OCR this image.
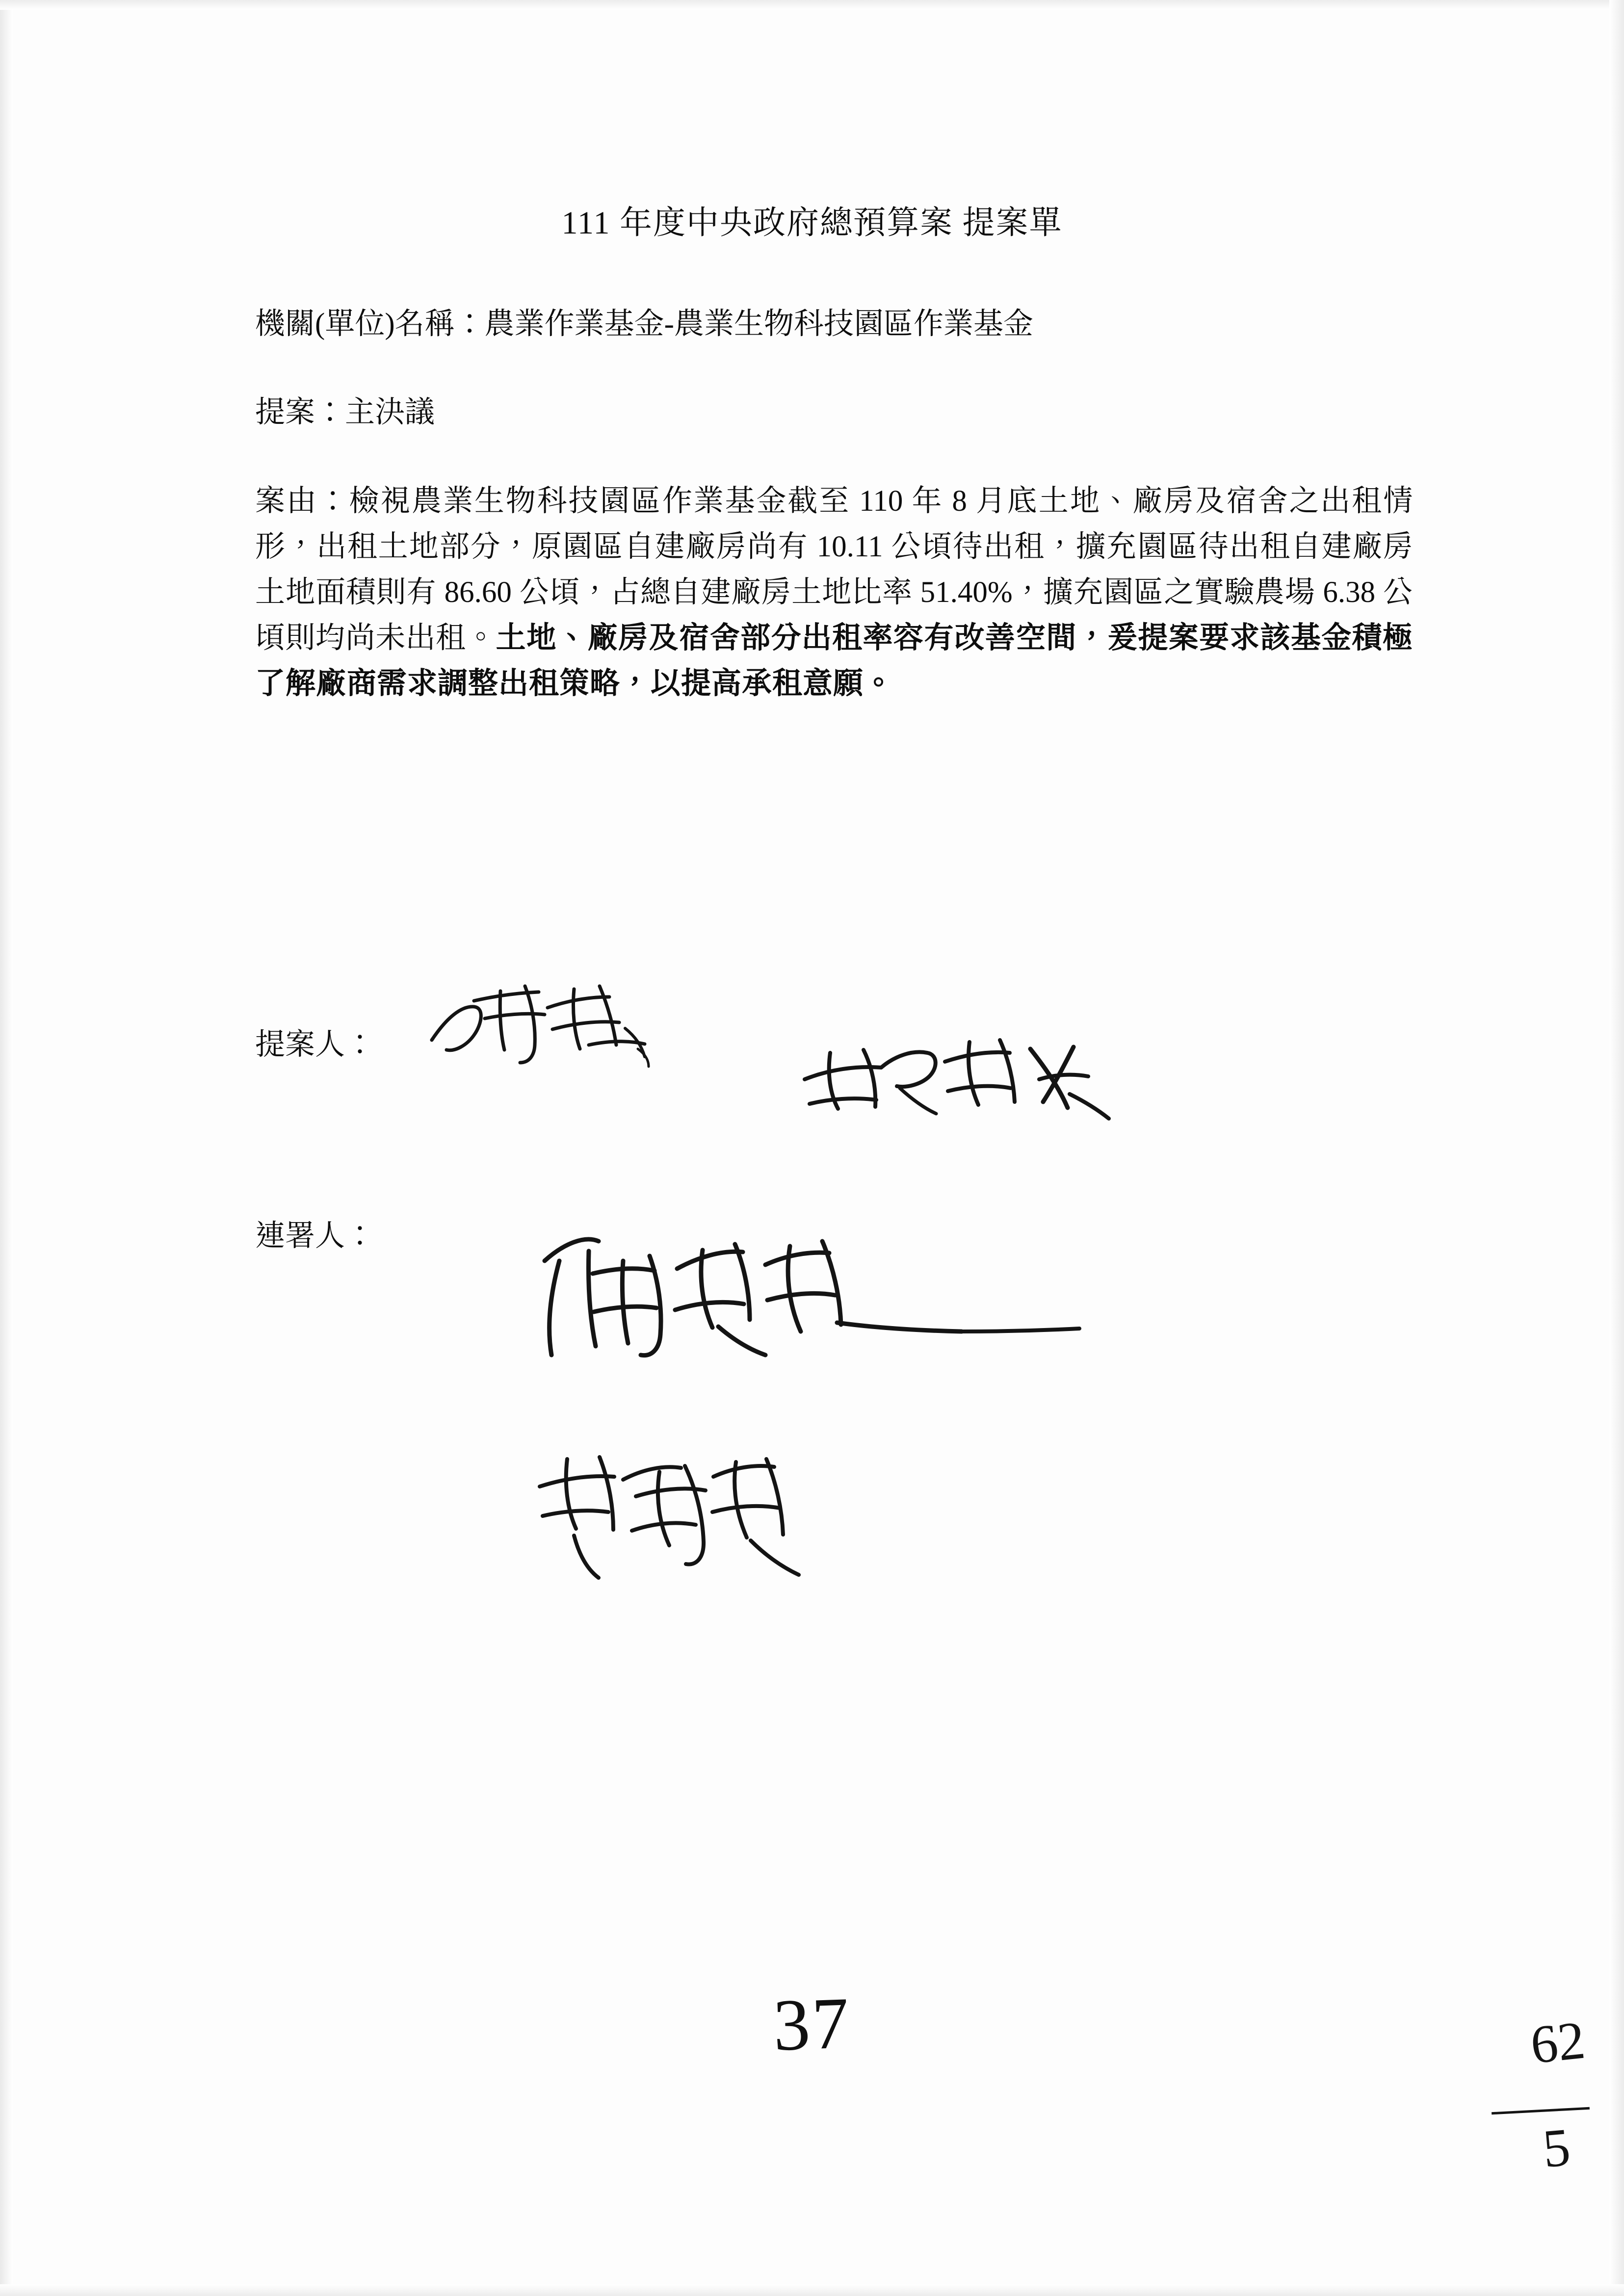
111 年度中央政府總預算案 提案單
機關(單位)名稱：農業作業基金-農業生物科技園區作業基金
提案：主決議
案由：檢視農業生物科技園區作業基金截至 110 年 8 月底土地、廠房及宿舍之出租情形，出租土地部分，原園區自建廠房尚有 10.11 公頃待出租，擴充園區待出租自建廠房土地面積則有 86.60 公頃，占總自建廠房土地比率 51.40%，擴充園區之實驗農場 6.38 公頃則均尚未出租。土地、廠房及宿舍部分出租率容有改善空間，爰提案要求該基金積極了解廠商需求調整出租策略，以提高承租意願。
提案人：
連署人：
37	62
5
